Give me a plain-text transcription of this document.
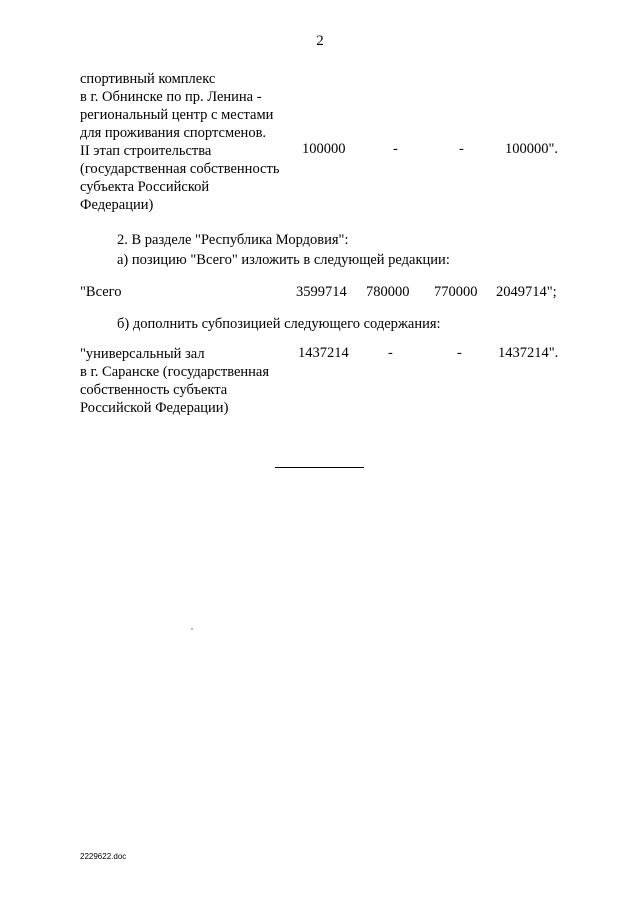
2
спортивный комплекс
в г. Обнинске по пр. Ленина -
региональный центр с местами
для проживания спортсменов.
II этап строительства
(государственная собственность
субъекта Российской
Федерации)
100000	-	-	100000".
2. В разделе "Республика Мордовия":
а) позицию "Всего" изложить в следующей редакции:
"Всего	3599714 780000 770000 2049714";
б) дополнить субпозицией следующего содержания:
"универсальный зал
в г. Саранске (государственная
собственность субъекта
Российской Федерации)
1437214	-	- 1437214".
2229622.doc
